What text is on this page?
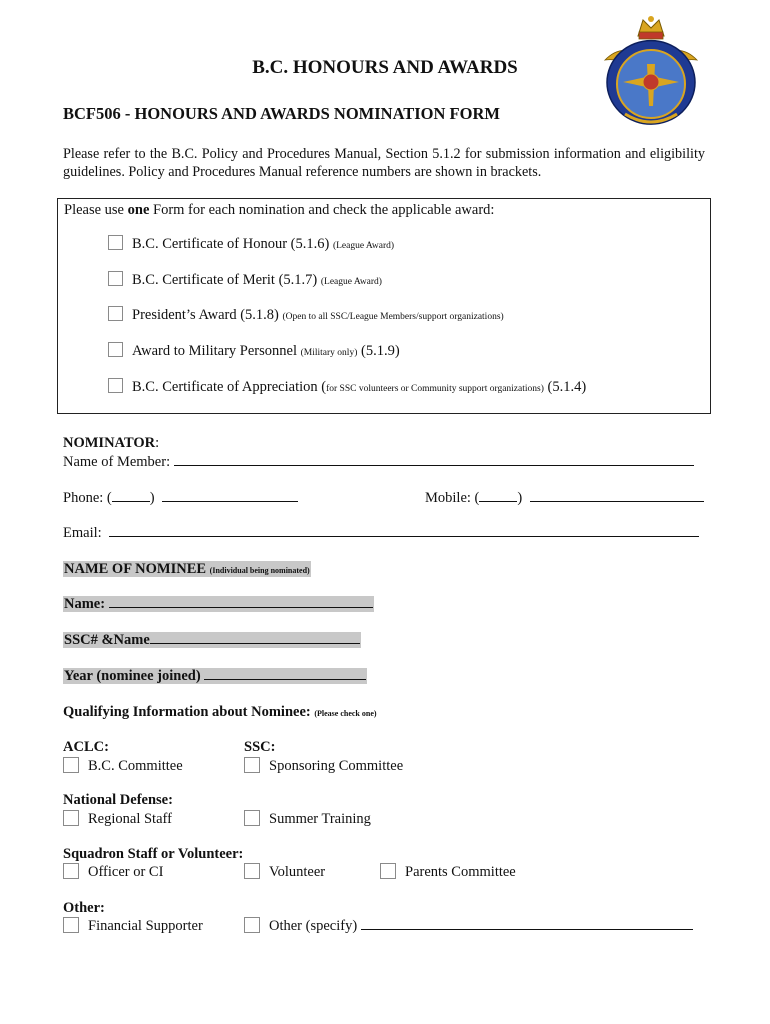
B.C. HONOURS AND AWARDS
BCF506 - HONOURS AND AWARDS NOMINATION FORM
Please refer to the B.C. Policy and Procedures Manual, Section 5.1.2 for submission information and eligibility guidelines. Policy and Procedures Manual reference numbers are shown in brackets.
Please use one Form for each nomination and check the applicable award:
B.C. Certificate of Honour (5.1.6) (League Award)
B.C. Certificate of Merit (5.1.7) (League Award)
President’s Award (5.1.8) (Open to all SSC/League Members/support organizations)
Award to Military Personnel (Military only) (5.1.9)
B.C. Certificate of Appreciation (for SSC volunteers or Community support organizations) (5.1.4)
NOMINATOR:
Name of Member:
Phone: (	)	Mobile: (	)
Email:
NAME OF NOMINEE (Individual being nominated)
Name:
SSC# &Name
Year (nominee joined)
Qualifying Information about Nominee: (Please check one)
ACLC:	SSC:
B.C. Committee	Sponsoring Committee
National Defense:
Regional Staff	Summer Training
Squadron Staff or Volunteer:
Officer or CI	Volunteer	Parents Committee
Other:
Financial Supporter	Other (specify)
